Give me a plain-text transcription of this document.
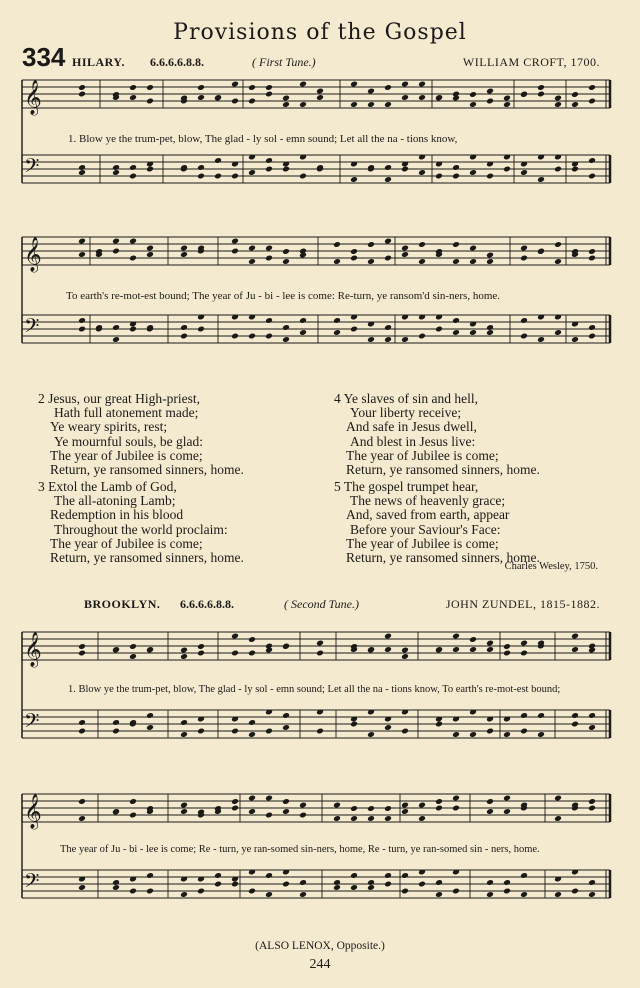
Provisions of the Gospel
334 HILARY. 6.6.6.6.8.8.	( First Tune.)	WILLIAM CROFT, 1700.
𝄞
𝄢
𝄞
𝄢
𝄞
𝄢
𝄞
𝄢
1. Blow ye the trum-pet, blow, The glad - ly sol - emn sound; Let all the na - tions know,
To earth's re-mot-est bound; The year of Ju - bi - lee is come: Re-turn, ye ransom'd sin-ners, home.
2 Jesus, our great High-priest,
Hath full atonement made;
Ye weary spirits, rest;
Ye mournful souls, be glad:
The year of Jubilee is come;
Return, ye ransomed sinners, home.
3 Extol the Lamb of God,
The all-atoning Lamb;
Redemption in his blood
Throughout the world proclaim:
The year of Jubilee is come;
Return, ye ransomed sinners, home.
4 Ye slaves of sin and hell,
Your liberty receive;
And safe in Jesus dwell,
And blest in Jesus live:
The year of Jubilee is come;
Return, ye ransomed sinners, home.
5 The gospel trumpet hear,
The news of heavenly grace;
And, saved from earth, appear
Before your Saviour's Face:
The year of Jubilee is come;
Return, ye ransomed sinners, home.
Charles Wesley, 1750.
BROOKLYN. 6.6.6.6.8.8.	( Second Tune.)	JOHN ZUNDEL, 1815-1882.
1. Blow ye the trum-pet, blow, The glad - ly sol - emn sound; Let all the na - tions know, To earth's re-mot-est bound;
The year of Ju - bi - lee is come; Re - turn, ye ran-somed sin-ners, home, Re - turn, ye ran-somed sin - ners, home.
(ALSO LENOX, Opposite.)
244
